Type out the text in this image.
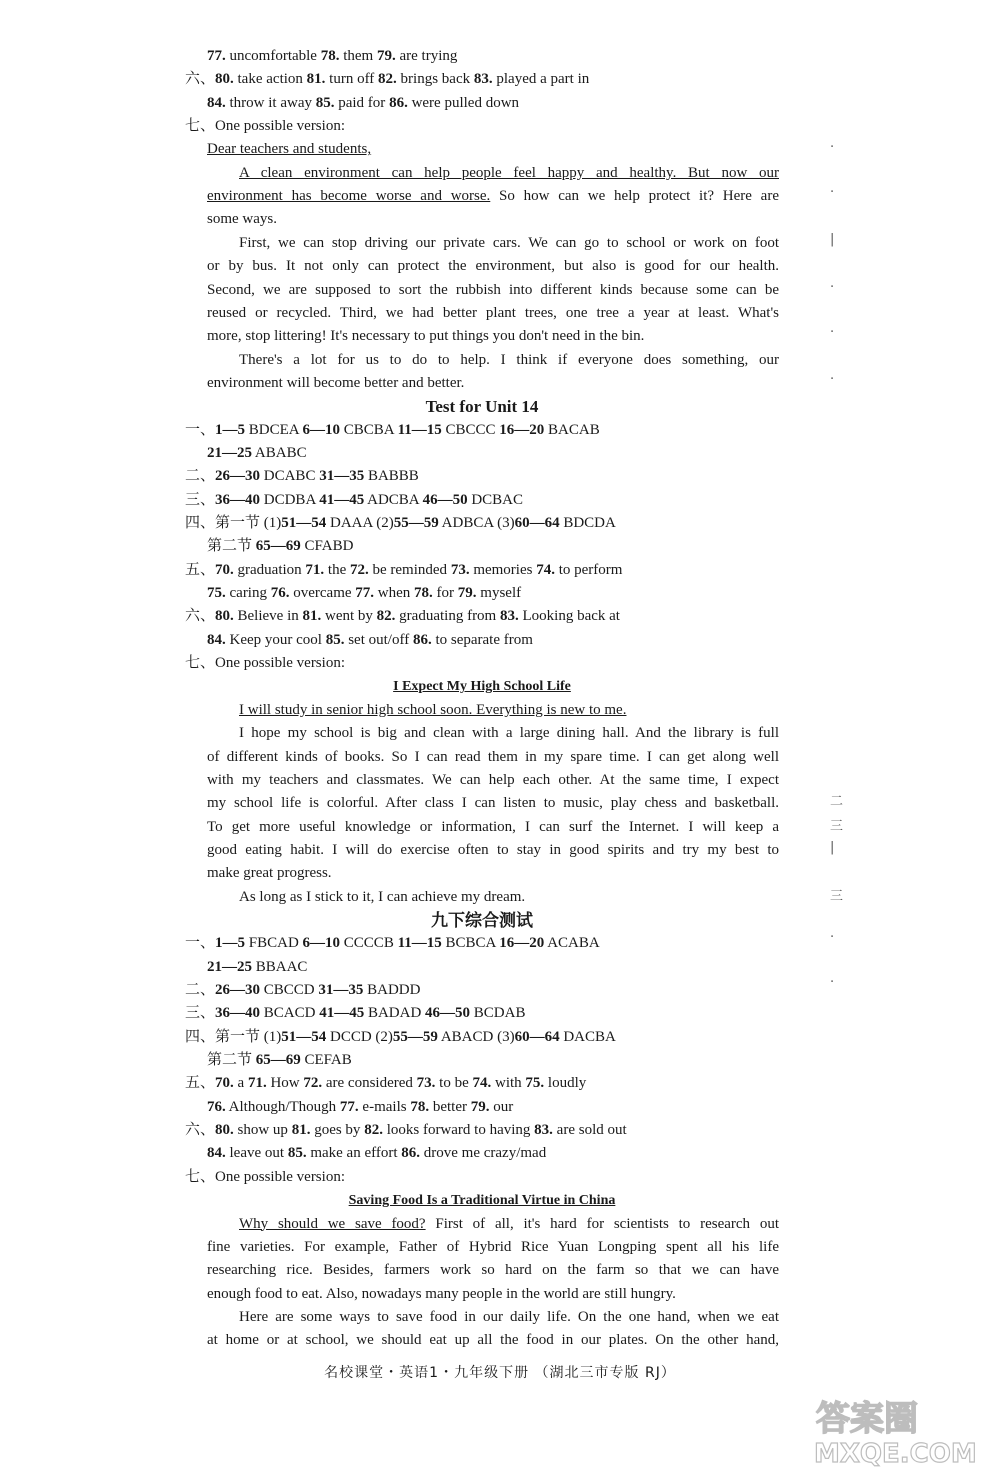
77. uncomfortable 78. them 79. are trying
六、80. take action 81. turn off 82. brings back 83. played a part in
84. throw it away 85. paid for 86. were pulled down
七、One possible version:
Dear teachers and students,
A clean environment can help people feel happy and healthy. But now our
environment has become worse and worse. So how can we help protect it? Here are
some ways.
First, we can stop driving our private cars. We can go to school or work on foot
or by bus. It not only can protect the environment, but also is good for our health.
Second, we are supposed to sort the rubbish into different kinds because some can be
reused or recycled. Third, we had better plant trees, one tree a year at least. What's
more, stop littering! It's necessary to put things you don't need in the bin.
There's a lot for us to do to help. I think if everyone does something, our
environment will become better and better.
Test for Unit 14
一、1—5 BDCEA 6—10 CBCBA 11—15 CBCCC 16—20 BACAB
21—25 ABABC
二、26—30 DCABC 31—35 BABBB
三、36—40 DCDBA 41—45 ADCBA 46—50 DCBAC
四、第一节 (1)51—54 DAAA (2)55—59 ADBCA (3)60—64 BDCDA
第二节 65—69 CFABD
五、70. graduation 71. the 72. be reminded 73. memories 74. to perform
75. caring 76. overcame 77. when 78. for 79. myself
六、80. Believe in 81. went by 82. graduating from 83. Looking back at
84. Keep your cool 85. set out/off 86. to separate from
七、One possible version:
I Expect My High School Life
I will study in senior high school soon. Everything is new to me.
I hope my school is big and clean with a large dining hall. And the library is full
of different kinds of books. So I can read them in my spare time. I can get along well
with my teachers and classmates. We can help each other. At the same time, I expect
my school life is colorful. After class I can listen to music, play chess and basketball.
To get more useful knowledge or information, I can surf the Internet. I will keep a
good eating habit. I will do exercise often to stay in good spirits and try my best to
make great progress.
As long as I stick to it, I can achieve my dream.
九下综合测试
一、1—5 FBCAD 6—10 CCCCB 11—15 BCBCA 16—20 ACABA
21—25 BBAAC
二、26—30 CBCCD 31—35 BADDD
三、36—40 BCACD 41—45 BADAD 46—50 BCDAB
四、第一节 (1)51—54 DCCD (2)55—59 ABACD (3)60—64 DACBA
第二节 65—69 CEFAB
五、70. a 71. How 72. are considered 73. to be 74. with 75. loudly
76. Although/Though 77. e-mails 78. better 79. our
六、80. show up 81. goes by 82. looks forward to having 83. are sold out
84. leave out 85. make an effort 86. drove me crazy/mad
七、One possible version:
Saving Food Is a Traditional Virtue in China
Why should we save food? First of all, it's hard for scientists to research out
fine varieties. For example, Father of Hybrid Rice Yuan Longping spent all his life
researching rice. Besides, farmers work so hard on the farm so that we can have
enough food to eat. Also, nowadays many people in the world are still hungry.
Here are some ways to save food in our daily life. On the one hand, when we eat
at home or at school, we should eat up all the food in our plates. On the other hand,
·
·
|
·
·
·
二
三
|
三
·
·
名校课堂・英语1・九年级下册 （湖北三市专版 RJ）
答案圈
MXQE.COM
